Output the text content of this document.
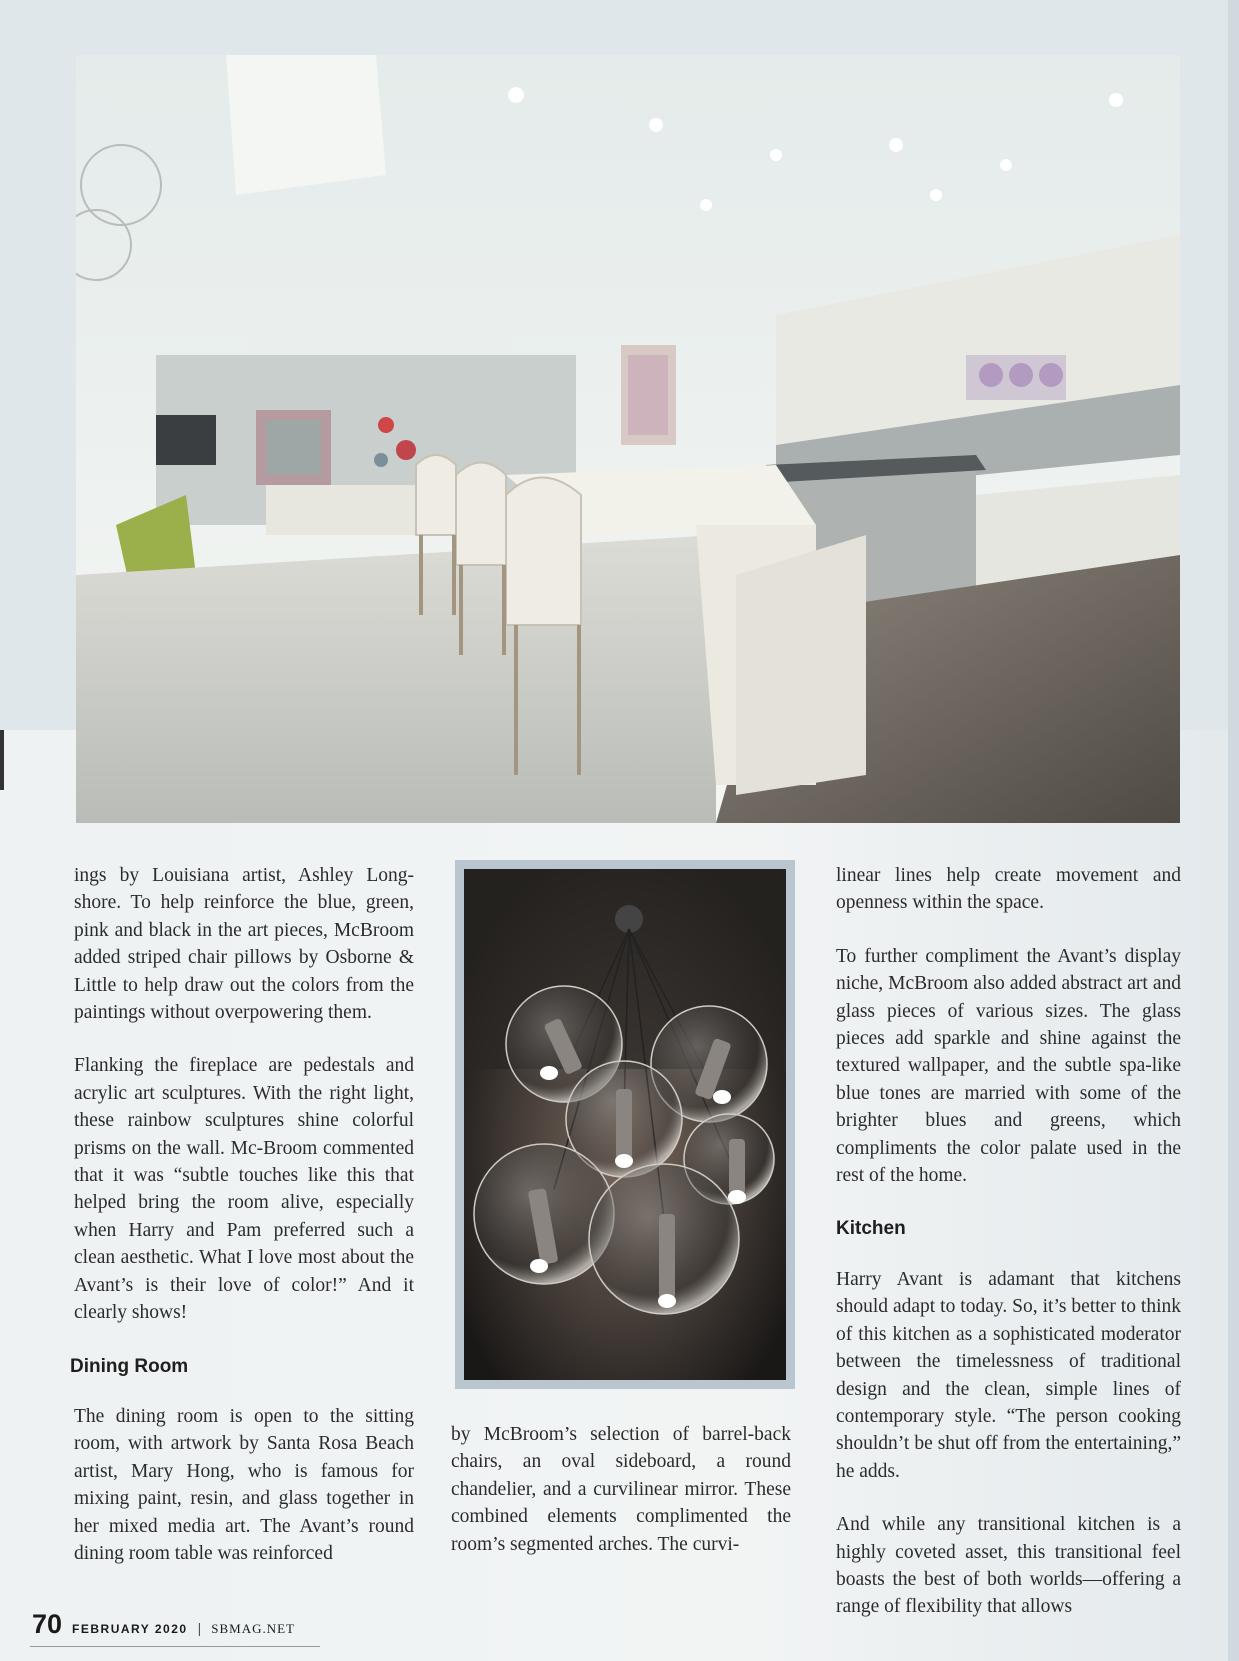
ings by Louisiana artist, Ashley Long-shore. To help reinforce the blue, green, pink and black in the art pieces, McBroom added striped chair pillows by Osborne & Little to help draw out the colors from the paintings without overpowering them.

Flanking the fireplace are pedestals and acrylic art sculptures. With the right light, these rainbow sculptures shine colorful prisms on the wall. Mc-Broom commented that it was “subtle touches like this that helped bring the room alive, especially when Harry and Pam preferred such a clean aesthetic. What I love most about the Avant’s is their love of color!” And it clearly shows!

Dining Room

The dining room is open to the sitting room, with artwork by Santa Rosa Beach artist, Mary Hong, who is famous for mixing paint, resin, and glass together in her mixed media art. The Avant’s round dining room table was reinforced

by McBroom’s selection of barrel-back chairs, an oval sideboard, a round chandelier, and a curvilinear mirror. These combined elements complimented the room’s segmented arches. The curvi-

linear lines help create movement and openness within the space.

To further compliment the Avant’s display niche, McBroom also added abstract art and glass pieces of various sizes. The glass pieces add sparkle and shine against the textured wallpaper, and the subtle spa-like blue tones are married with some of the brighter blues and greens, which compliments the color palate used in the rest of the home.

Kitchen

Harry Avant is adamant that kitchens should adapt to today. So, it’s better to think of this kitchen as a sophisticated moderator between the timelessness of traditional design and the clean, simple lines of contemporary style. “The person cooking shouldn’t be shut off from the entertaining,” he adds.

And while any transitional kitchen is a highly coveted asset, this transitional feel boasts the best of both worlds—offering a range of flexibility that allows

70 FEBRUARY 2020 | SBMAG.NET
